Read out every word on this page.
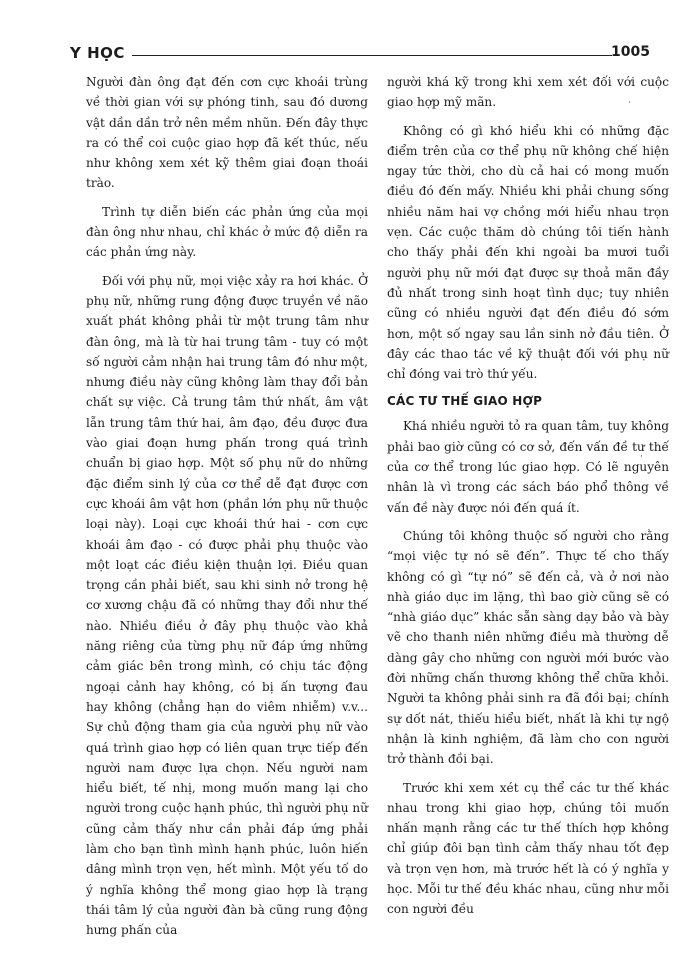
Y HỌC	1005

Người đàn ông đạt đến cơn cực khoái trùng về thời gian với sự phóng tinh, sau đó dương vật dần dần trở nên mềm nhũn. Đến đây thực ra có thể coi cuộc giao hợp đã kết thúc, nếu như không xem xét kỹ thêm giai đoạn thoái trào.

Trình tự diễn biến các phản ứng của mọi đàn ông như nhau, chỉ khác ở mức độ diễn ra các phản ứng này.

Đối với phụ nữ, mọi việc xảy ra hơi khác. Ở phụ nữ, những rung động được truyền về não xuất phát không phải từ một trung tâm như đàn ông, mà là từ hai trung tâm - tuy có một số người cảm nhận hai trung tâm đó như một, nhưng điều này cũng không làm thay đổi bản chất sự việc. Cả trung tâm thứ nhất, âm vật lẫn trung tâm thứ hai, âm đạo, đều được đưa vào giai đoạn hưng phấn trong quá trình chuẩn bị giao hợp. Một số phụ nữ do những đặc điểm sinh lý của cơ thể dễ đạt được cơn cực khoái âm vật hơn (phần lớn phụ nữ thuộc loại này). Loại cực khoái thứ hai - cơn cực khoái âm đạo - có được phải phụ thuộc vào một loạt các điều kiện thuận lợi. Điều quan trọng cần phải biết, sau khi sinh nở trong hệ cơ xương chậu đã có những thay đổi như thế nào. Nhiều điều ở đây phụ thuộc vào khả năng riêng của từng phụ nữ đáp ứng những cảm giác bên trong mình, có chịu tác động ngoại cảnh hay không, có bị ấn tượng đau hay không (chẳng hạn do viêm nhiễm) v.v... Sự chủ động tham gia của người phụ nữ vào quá trình giao hợp có liên quan trực tiếp đến người nam được lựa chọn. Nếu người nam hiểu biết, tế nhị, mong muốn mang lại cho người trong cuộc hạnh phúc, thì người phụ nữ cũng cảm thấy như cần phải đáp ứng phải làm cho bạn tình mình hạnh phúc, luôn hiến dâng mình trọn vẹn, hết mình. Một yếu tố do ý nghĩa không thể mong giao hợp là trạng thái tâm lý của người đàn bà cũng rung động hưng phấn của

người khá kỹ trong khi xem xét đối với cuộc giao hợp mỹ mãn.

Không có gì khó hiểu khi có những đặc điểm trên của cơ thể phụ nữ không chế hiện ngay tức thời, cho dù cả hai có mong muốn điều đó đến mấy. Nhiều khi phải chung sống nhiều năm hai vợ chồng mới hiểu nhau trọn vẹn. Các cuộc thăm dò chúng tôi tiến hành cho thấy phải đến khi ngoài ba mươi tuổi người phụ nữ mới đạt được sự thoả mãn đầy đủ nhất trong sinh hoạt tình dục; tuy nhiên cũng có nhiều người đạt đến điều đó sớm hơn, một số ngay sau lần sinh nở đầu tiên. Ở đây các thao tác về kỹ thuật đối với phụ nữ chỉ đóng vai trò thứ yếu.

CÁC TƯ THẾ GIAO HỢP

Khá nhiều người tỏ ra quan tâm, tuy không phải bao giờ cũng có cơ sở, đến vấn đề tư thế của cơ thể trong lúc giao hợp. Có lẽ nguyên nhân là vì trong các sách báo phổ thông về vấn đề này được nói đến quá ít.

Chúng tôi không thuộc số người cho rằng “mọi việc tự nó sẽ đến”. Thực tế cho thấy không có gì “tự nó” sẽ đến cả, và ở nơi nào nhà giáo dục im lặng, thì bao giờ cũng sẽ có “nhà giáo dục” khác sẵn sàng dạy bảo và bày vẽ cho thanh niên những điều mà thường dễ dàng gây cho những con người mới bước vào đời những chấn thương không thể chữa khỏi. Người ta không phải sinh ra đã đồi bại; chính sự dốt nát, thiếu hiểu biết, nhất là khi tự ngộ nhận là kinh nghiệm, đã làm cho con người trở thành đồi bại.

Trước khi xem xét cụ thể các tư thế khác nhau trong khi giao hợp, chúng tôi muốn nhấn mạnh rằng các tư thế thích hợp không chỉ giúp đôi bạn tình cảm thấy nhau tốt đẹp và trọn vẹn hơn, mà trước hết là có ý nghĩa y học. Mỗi tư thế đều khác nhau, cũng như mỗi con người đều

·
·
